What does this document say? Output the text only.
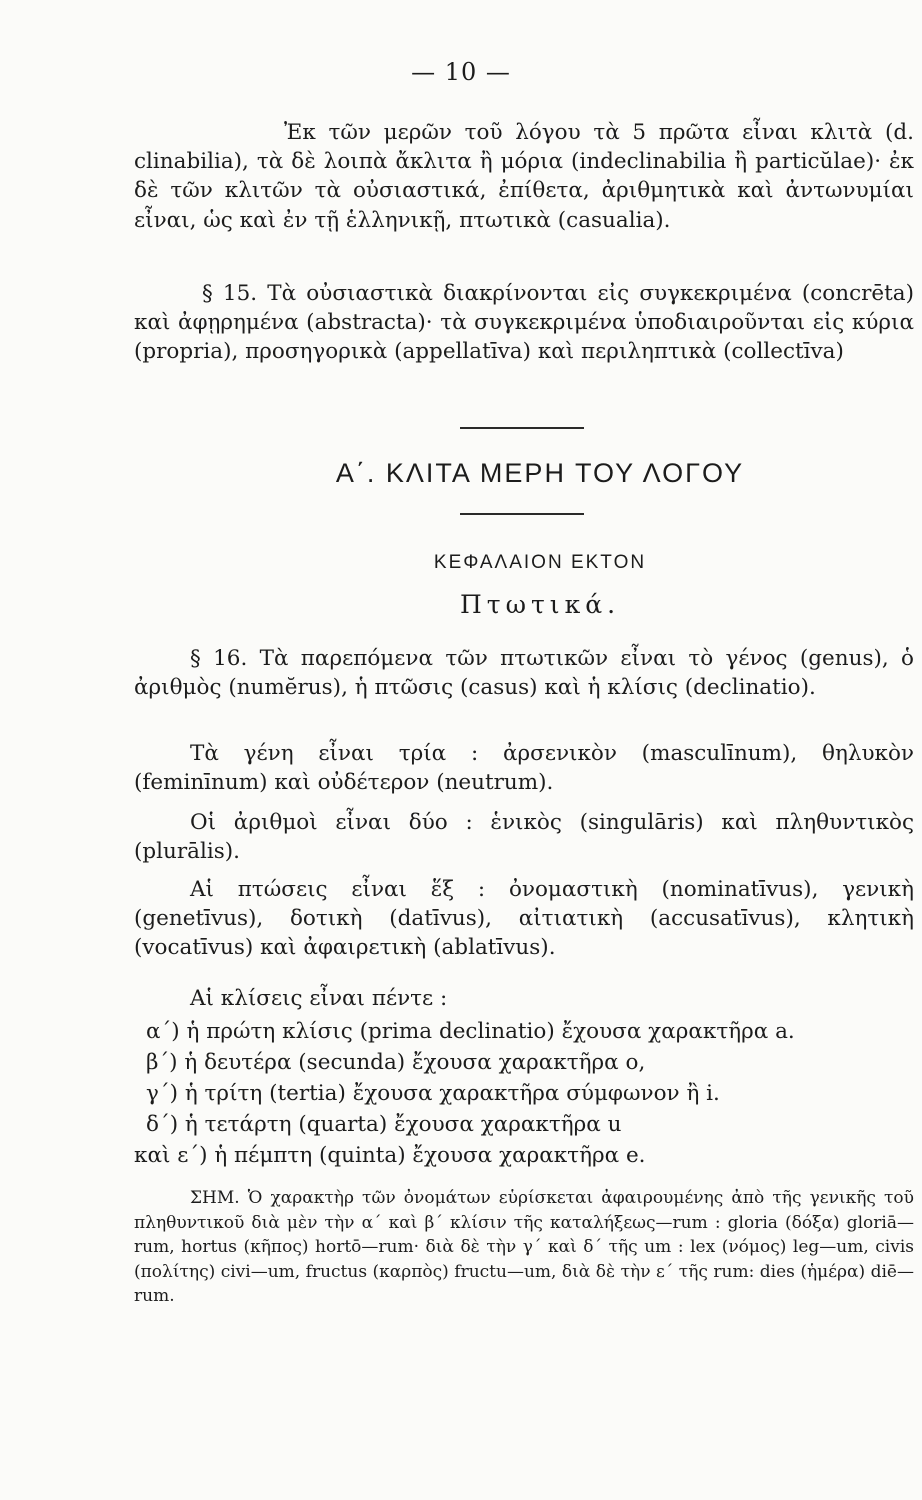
— 10 —

Ἐκ τῶν μερῶν τοῦ λόγου τὰ 5 πρῶτα εἶναι κλιτὰ (d. clinabilia), τὰ δὲ λοιπὰ ἄκλιτα ἢ μόρια (indeclinabilia ἢ particŭlae)· ἐκ δὲ τῶν κλιτῶν τὰ οὐσιαστικά, ἐπίθετα, ἀριθμητικὰ καὶ ἀντωνυμίαι εἶναι, ὡς καὶ ἐν τῇ ἑλληνικῇ, πτωτικὰ (casualia).

§ 15. Τὰ οὐσιαστικὰ διακρίνονται εἰς συγκεκριμένα (concrēta) καὶ ἀφῃρημένα (abstracta)· τὰ συγκεκριμένα ὑποδιαιροῦνται εἰς κύρια (propria), προσηγορικὰ (appellatīva) καὶ περιληπτικὰ (collectīva)

Α΄. ΚΛΙΤΑ ΜΕΡΗ ΤΟΥ ΛΟΓΟΥ
ΚΕΦΑΛΑΙΟΝ ΕΚΤΟΝ
Πτωτικά.

§ 16. Τὰ παρεπόμενα τῶν πτωτικῶν εἶναι τὸ γένος (genus), ὁ ἀριθμὸς (numĕrus), ἡ πτῶσις (casus) καὶ ἡ κλίσις (declinatio).

Τὰ γένη εἶναι τρία : ἀρσενικὸν (masculīnum), θηλυκὸν (feminīnum) καὶ οὐδέτερον (neutrum).

Οἱ ἀριθμοὶ εἶναι δύο : ἑνικὸς (singulāris) καὶ πληθυντικὸς (plurālis).

Αἱ πτώσεις εἶναι ἕξ : ὀνομαστικὴ (nominatīvus), γενικὴ (genetīvus), δοτικὴ (datīvus), αἰτιατικὴ (accusatīvus), κλητικὴ (vocatīvus) καὶ ἀφαιρετικὴ (ablatīvus).

Αἱ κλίσεις εἶναι πέντε :

α΄) ἡ πρώτη κλίσις (prima declinatio) ἔχουσα χαρακτῆρα a.
β΄) ἡ δευτέρα (secunda) ἔχουσα χαρακτῆρα o,
γ΄) ἡ τρίτη (tertia) ἔχουσα χαρακτῆρα σύμφωνον ἢ i.
δ΄) ἡ τετάρτη (quarta) ἔχουσα χαρακτῆρα u
καὶ ε΄) ἡ πέμπτη (quinta) ἔχουσα χαρακτῆρα e.

ΣΗΜ. Ὁ χαρακτὴρ τῶν ὀνομάτων εὑρίσκεται ἀφαιρουμένης ἀπὸ τῆς γενικῆς τοῦ πληθυντικοῦ διὰ μὲν τὴν α΄ καὶ β΄ κλίσιν τῆς καταλήξεως—rum : gloria (δόξα) gloriā—rum, hortus (κῆπος) hortō—rum· διὰ δὲ τὴν γ΄ καὶ δ΄ τῆς um : lex (νόμος) leg—um, civis (πολίτης) civi—um, fructus (καρπὸς) fructu—um, διὰ δὲ τὴν ε΄ τῆς rum: dies (ἡμέρα) diē—rum.
